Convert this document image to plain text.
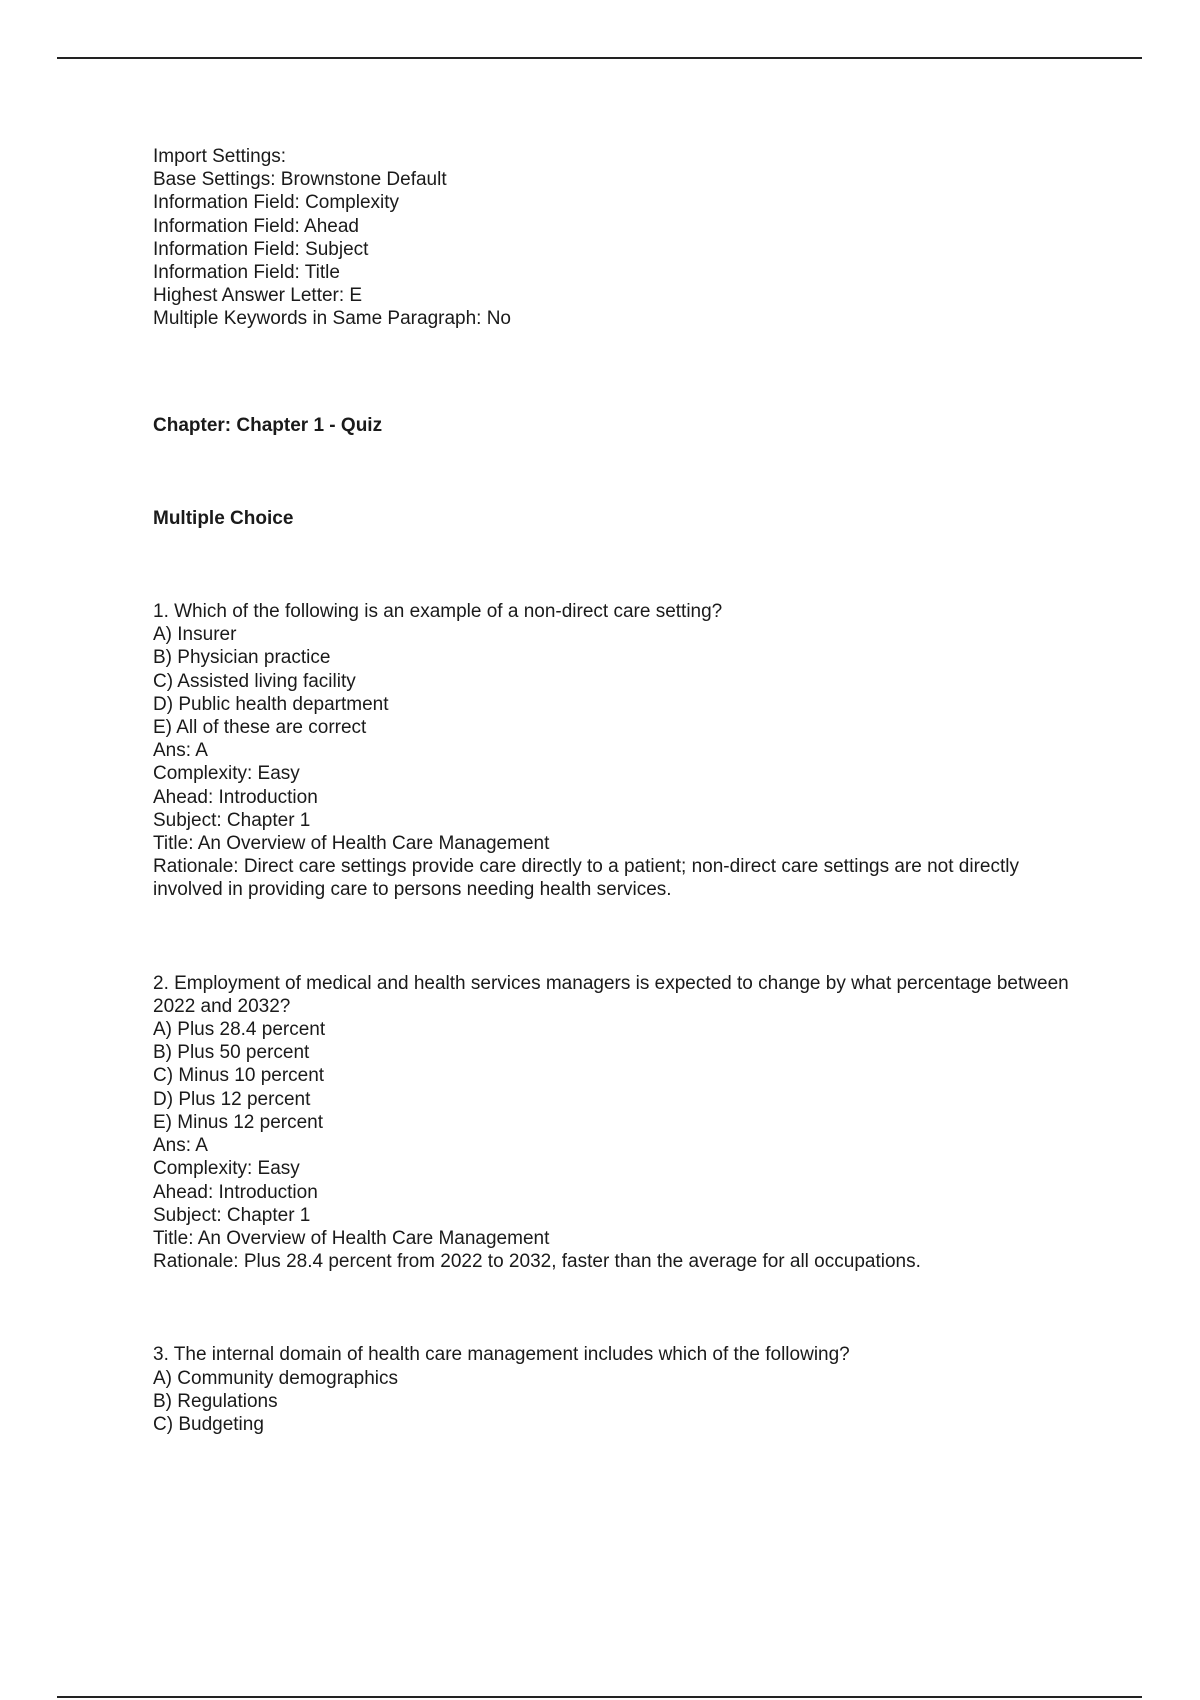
Import Settings:
Base Settings: Brownstone Default
Information Field: Complexity
Information Field: Ahead
Information Field: Subject
Information Field: Title
Highest Answer Letter: E
Multiple Keywords in Same Paragraph: No
Chapter: Chapter 1 - Quiz
Multiple Choice
1. Which of the following is an example of a non-direct care setting?
A) Insurer
B) Physician practice
C) Assisted living facility
D) Public health department
E) All of these are correct
Ans: A
Complexity: Easy
Ahead: Introduction
Subject: Chapter 1
Title: An Overview of Health Care Management
Rationale: Direct care settings provide care directly to a patient; non-direct care settings are not directly involved in providing care to persons needing health services.
2. Employment of medical and health services managers is expected to change by what percentage between 2022 and 2032?
A) Plus 28.4 percent
B) Plus 50 percent
C) Minus 10 percent
D) Plus 12 percent
E) Minus 12 percent
Ans: A
Complexity: Easy
Ahead: Introduction
Subject: Chapter 1
Title: An Overview of Health Care Management
Rationale: Plus 28.4 percent from 2022 to 2032, faster than the average for all occupations.
3. The internal domain of health care management includes which of the following?
A) Community demographics
B) Regulations
C) Budgeting
